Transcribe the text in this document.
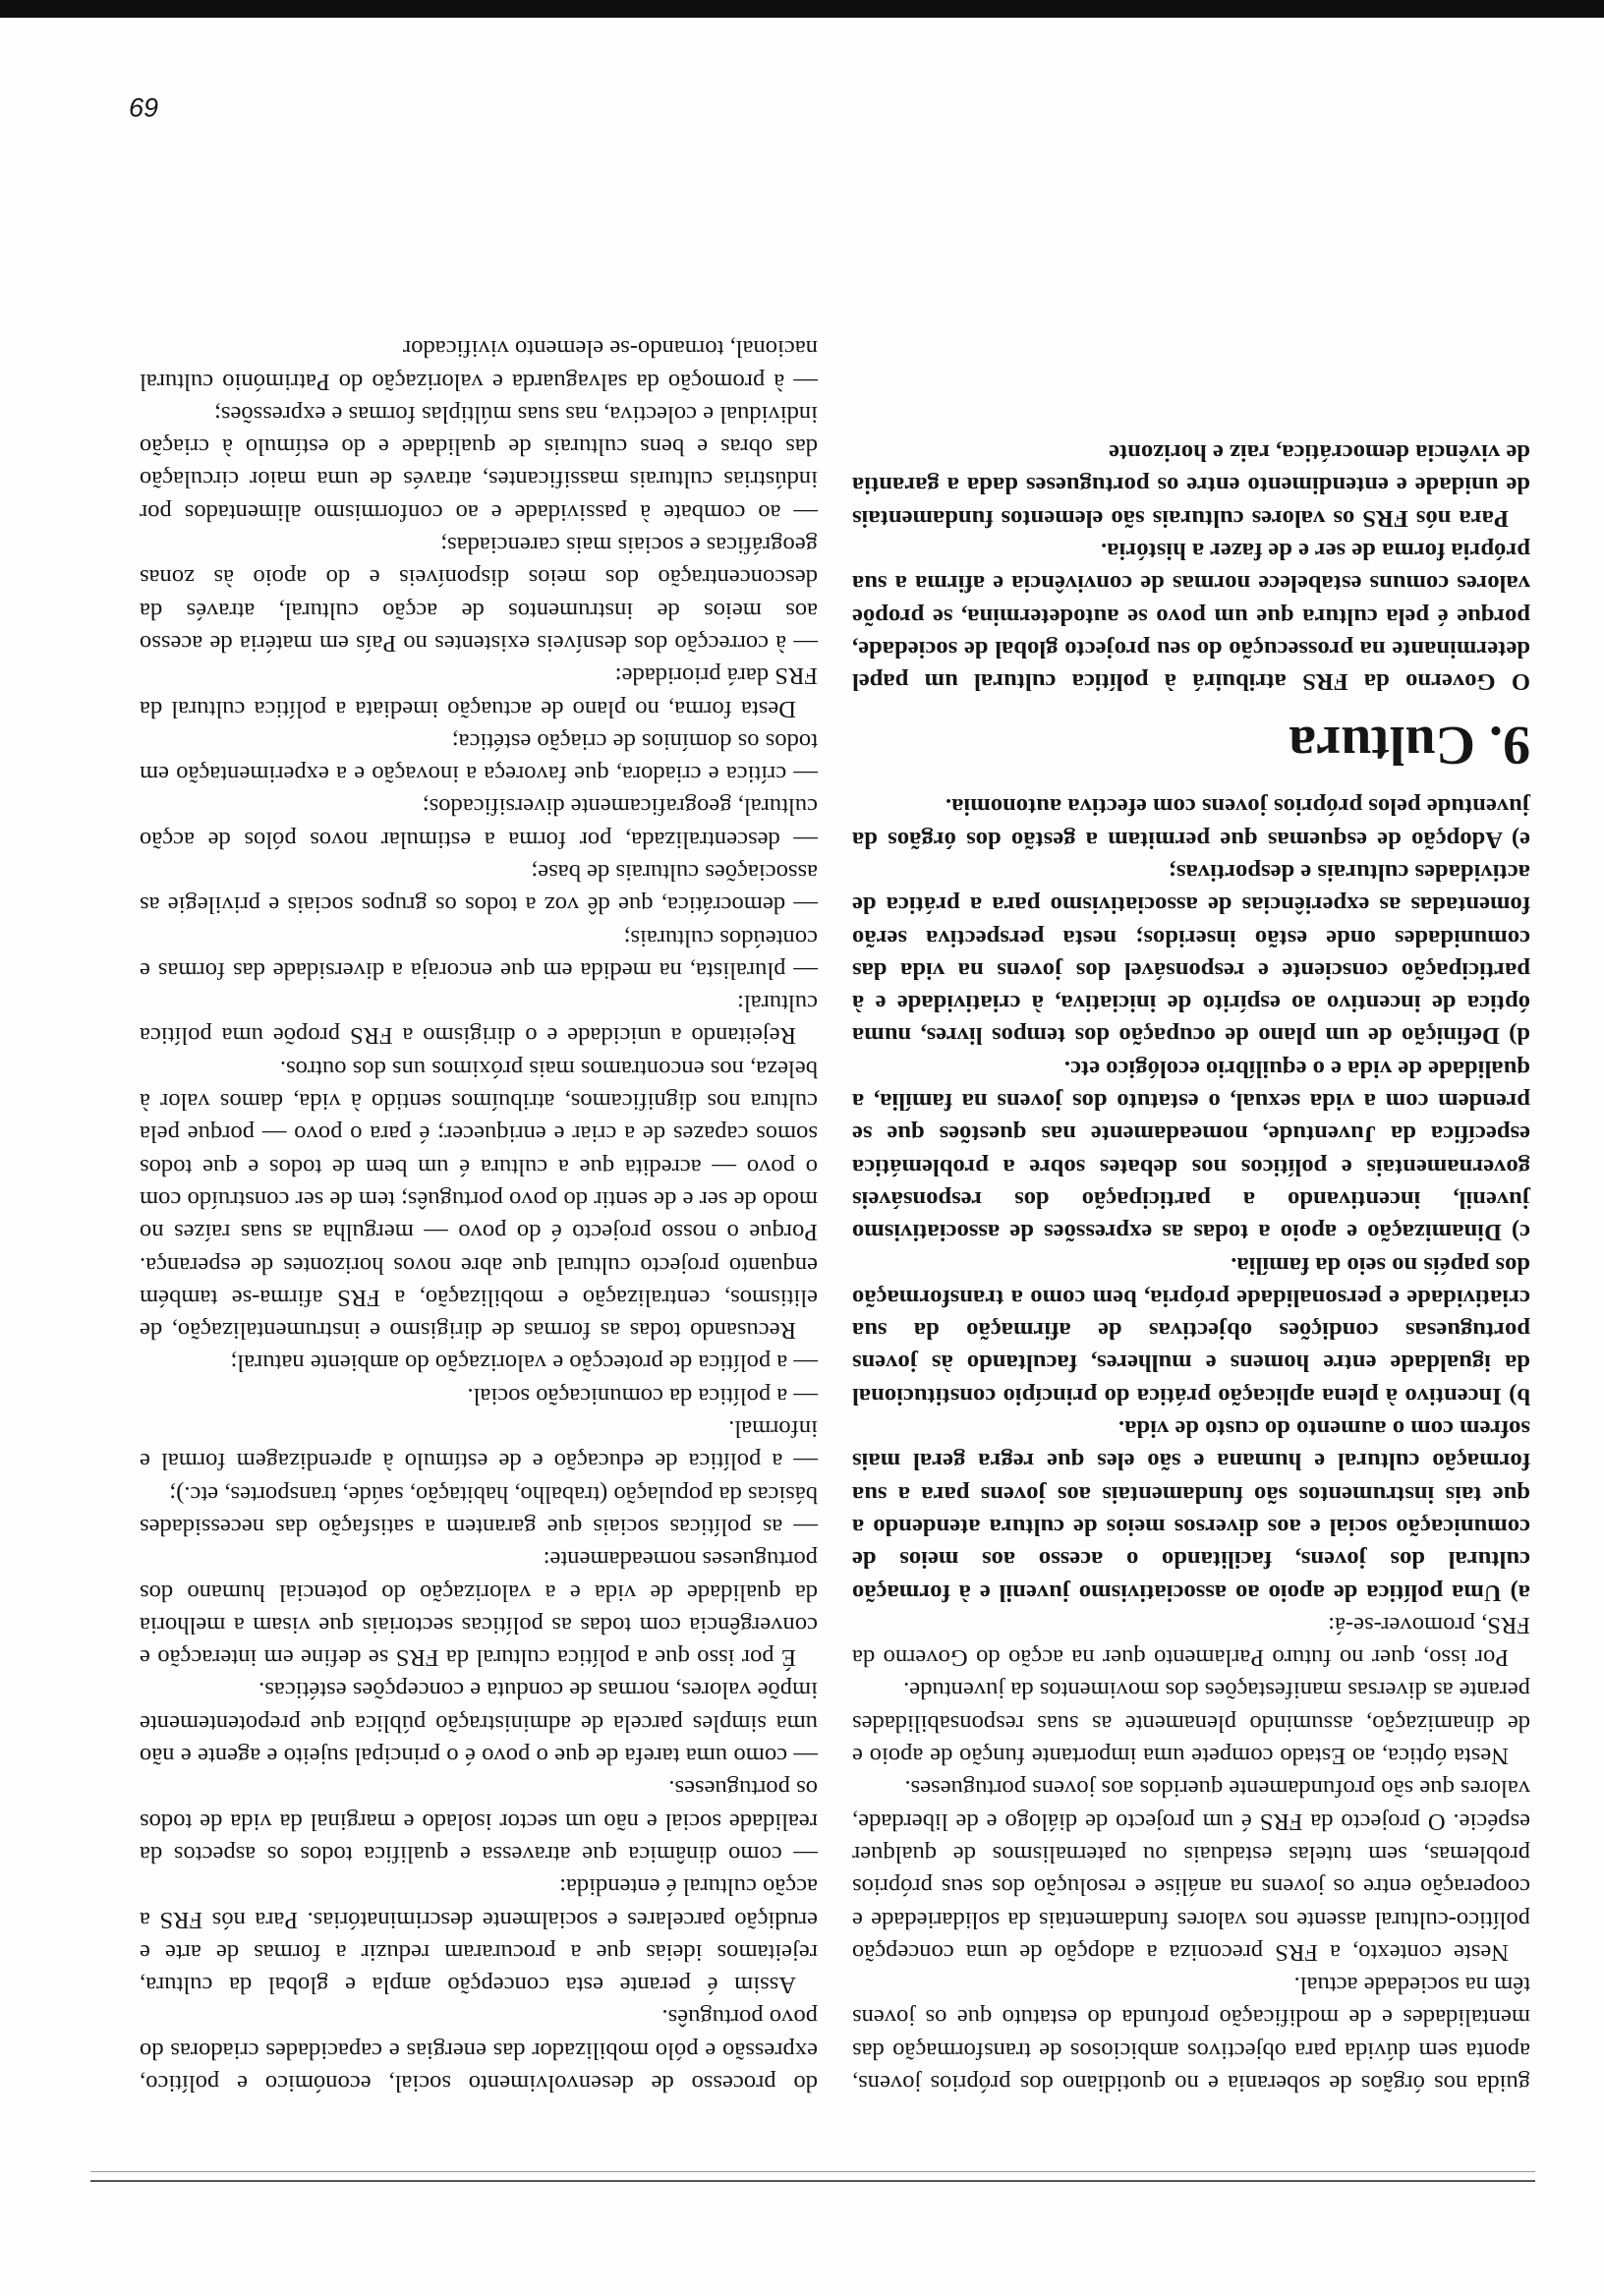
guida nos órgãos de soberania e no quotidiano dos próprios jovens, aponta sem dúvida para objectivos ambiciosos de transformação das mentalidades e de modificação profunda do estatuto que os jovens têm na sociedade actual.

Neste contexto, a FRS preconiza a adopção de uma concepção político-cultural assente nos valores fundamentais da solidariedade e cooperação entre os jovens na análise e resolução dos seus próprios problemas, sem tutelas estaduais ou paternalismos de qualquer espécie. O projecto da FRS é um projecto de diálogo e de liberdade, valores que são profundamente queridos aos jovens portugueses.

Nesta óptica, ao Estado compete uma importante função de apoio e de dinamização, assumindo plenamente as suas responsabilidades perante as diversas manifestações dos movimentos da juventude.

Por isso, quer no futuro Parlamento quer na acção do Governo da FRS, promover-se-á:

a) Uma política de apoio ao associativismo juvenil e à formação cultural dos jovens, facilitando o acesso aos meios de comunicação social e aos diversos meios de cultura atendendo a que tais instrumentos são fundamentais aos jovens para a sua formação cultural e humana e são eles que regra geral mais sofrem com o aumento do custo de vida.

b) Incentivo à plena aplicação prática do princípio constitucional da igualdade entre homens e mulheres, facultando às jovens portuguesas condições objectivas de afirmação da sua criatividade e personalidade própria, bem como a transformação dos papéis no seio da família.

c) Dinamização e apoio a todas as expressões de associativismo juvenil, incentivando a participação dos responsáveis governamentais e políticos nos debates sobre a problemática específica da Juventude, nomeadamente nas questões que se prendem com a vida sexual, o estatuto dos jovens na família, a qualidade de vida e o equilíbrio ecológico etc.

d) Definição de um plano de ocupação dos tempos livres, numa óptica de incentivo ao espírito de iniciativa, à criatividade e à participação consciente e responsável dos jovens na vida das comunidades onde estão inseridos; nesta perspectiva serão fomentadas as experiências de associativismo para a prática de actividades culturais e desportivas;

e) Adopção de esquemas que permitam a gestão dos órgãos da juventude pelos próprios jovens com efectiva autonomia.

9. Cultura

O Governo da FRS atribuirá à política cultural um papel determinante na prossecução do seu projecto global de sociedade, porque é pela cultura que um povo se autodetermina, se propõe valores comuns estabelece normas de convivência e afirma a sua própria forma de ser e de fazer a história.

Para nós FRS os valores culturais são elementos fundamentais de unidade e entendimento entre os portugueses dada a garantia de vivência democrática, raiz e horizonte

do processo de desenvolvimento social, económico e político, expressão e pólo mobilizador das energias e capacidades criadoras do povo português.

Assim é perante esta concepção ampla e global da cultura, rejeitamos ideias que a procuraram reduzir a formas de arte e erudição parcelares e socialmente descriminatórias. Para nós FRS a acção cultural é entendida:

— como dinâmica que atravessa e qualifica todos os aspectos da realidade social e não um sector isolado e marginal da vida de todos os portugueses.

— como uma tarefa de que o povo é o principal sujeito e agente e não uma simples parcela de administração pública que prepotentemente impõe valores, normas de conduta e concepções estéticas.

É por isso que a política cultural da FRS se define em interacção e convergência com todas as políticas sectoriais que visam a melhoria da qualidade de vida e a valorização do potencial humano dos portugueses nomeadamente:

— as políticas sociais que garantem a satisfação das necessidades básicas da população (trabalho, habitação, saúde, transportes, etc.);

— a política de educação e de estímulo à aprendizagem formal e informal.

— a política da comunicação social.

— a política de protecção e valorização do ambiente natural;

Recusando todas as formas de dirigismo e instrumentalização, de elitismos, centralização e mobilização, a FRS afirma-se também enquanto projecto cultural que abre novos horizontes de esperança. Porque o nosso projecto é do povo — mergulha as suas raízes no modo de ser e de sentir do povo português; tem de ser construído com o povo — acredita que a cultura é um bem de todos e que todos somos capazes de a criar e enriquecer; é para o povo — porque pela cultura nos dignificamos, atribuímos sentido à vida, damos valor à beleza, nos encontramos mais próximos uns dos outros.

Rejeitando a unicidade e o dirigismo a FRS propõe uma política cultural:

— pluralista, na medida em que encoraja a diversidade das formas e conteúdos culturais;

— democrática, que dê voz a todos os grupos sociais e privilegie as associações culturais de base;

— descentralizada, por forma a estimular novos pólos de acção cultural, geograficamente diversificados;

— crítica e criadora, que favoreça a inovação e a experimentação em todos os domínios de criação estética;

Desta forma, no plano de actuação imediata a política cultural da FRS dará prioridade:

— à correcção dos desníveis existentes no País em matéria de acesso aos meios de instrumentos de acção cultural, através da desconcentração dos meios disponíveis e do apoio às zonas geográficas e sociais mais carenciadas;

— ao combate à passividade e ao conformismo alimentados por indústrias culturais massificantes, através de uma maior circulação das obras e bens culturais de qualidade e do estímulo à criação individual e colectiva, nas suas múltiplas formas e expressões;

— à promoção da salvaguarda e valorização do Património cultural nacional, tornando-se elemento vivificador

69
